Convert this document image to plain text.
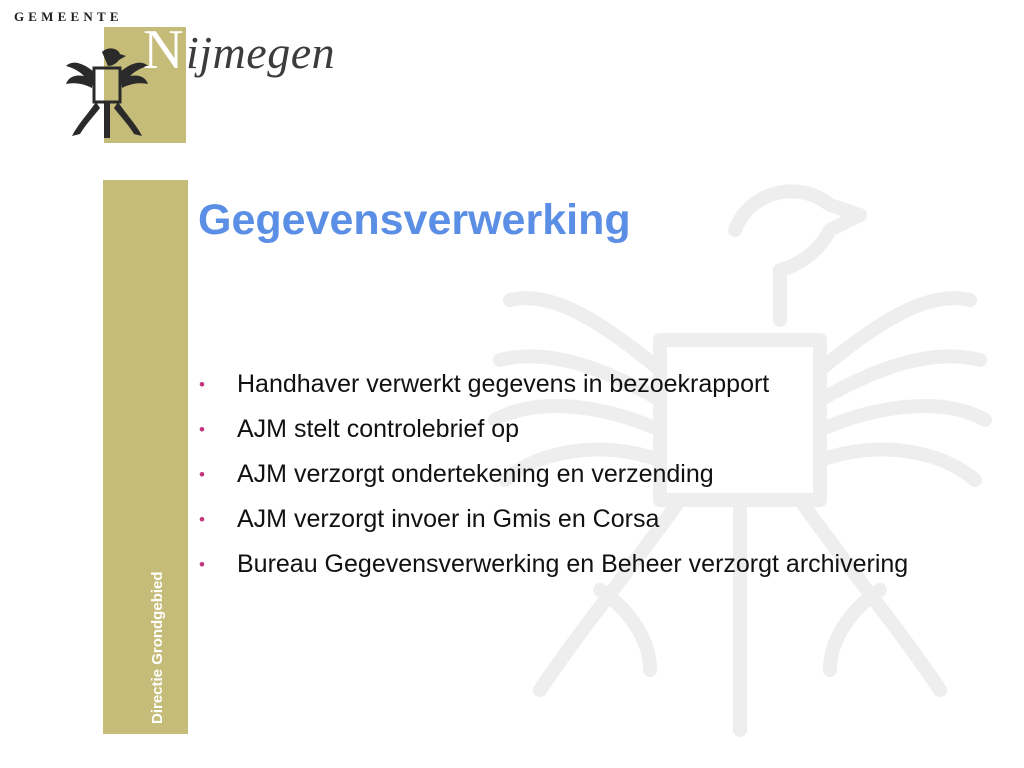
GEMEENTE
N ijmegen
Directie Grondgebied
Gegevensverwerking
• Handhaver verwerkt gegevens in bezoekrapport
• AJM stelt controlebrief op
• AJM verzorgt ondertekening en verzending
• AJM verzorgt invoer in Gmis en Corsa
• Bureau Gegevensverwerking en Beheer verzorgt archivering
